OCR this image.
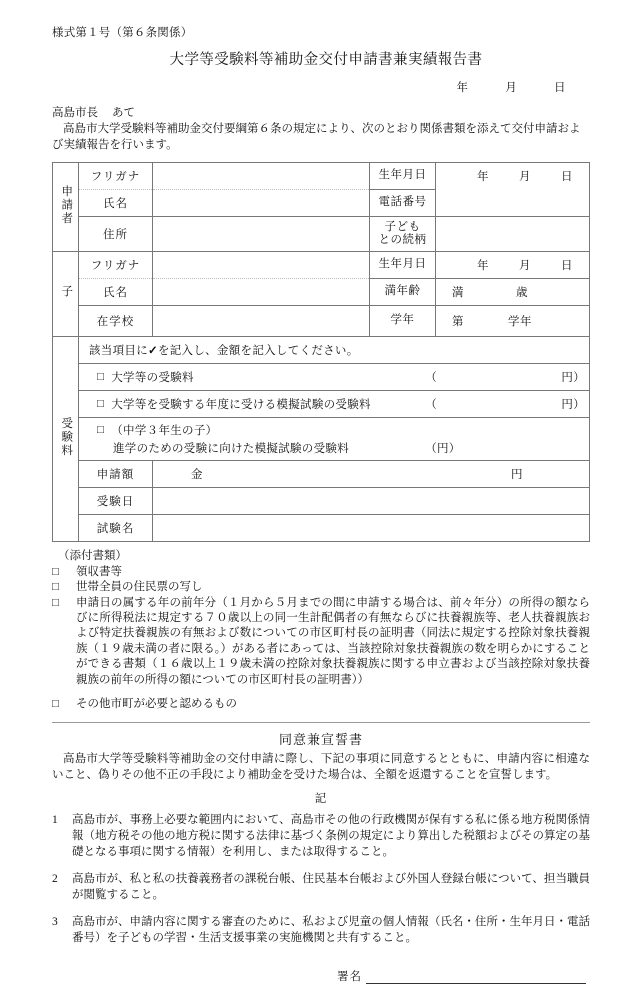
様式第１号（第６条関係）
大学等受験料等補助金交付申請書兼実績報告書
年	月	日
高島市長 あて
高島市大学受験料等補助金交付要綱第６条の規定により、次のとおり関係書類を添えて交付申請および実績報告を行います。
申請者	フリガナ		生年月日	年 月 日

	氏名		電話番号	
	住所		子ども
との続柄	

子	フリガナ		生年月日	年 月 日

	氏名		満年齢	満 歳

	在学校		学年	第 学年

受験料	該当項目に✓を記入し、金額を記入してください。			

	□ 大学等の受験料 （ 円）			

	□ 大学等を受験する年度に受ける模擬試験の受験料 （ 円）			

	□ （中学３年生の子）
進学のための受験に向けた模擬試験の受験料 （ 円）			

	申請額	金 円		

	受験日			
	試験名			
（添付書類）
□	領収書等
□	世帯全員の住民票の写し
□	申請日の属する年の前年分（１月から５月までの間に申請する場合は、前々年分）の所得の額ならびに所得税法に規定する７０歳以上の同一生計配偶者の有無ならびに扶養親族等、老人扶養親族および特定扶養親族の有無および数についての市区町村長の証明書（同法に規定する控除対象扶養親族（１９歳未満の者に限る。）がある者にあっては、当該控除対象扶養親族の数を明らかにすることができる書類（１６歳以上１９歳未満の控除対象扶養親族に関する申立書および当該控除対象扶養親族の前年の所得の額についての市区町村長の証明書））
□	その他市町が必要と認めるもの
同意兼宣誓書
高島市大学等受験料等補助金の交付申請に際し、下記の事項に同意するとともに、申請内容に相違ないこと、偽りその他不正の手段により補助金を受けた場合は、全額を返還することを宣誓します。
記
1	高島市が、事務上必要な範囲内において、高島市その他の行政機関が保有する私に係る地方税関係情報（地方税その他の地方税に関する法律に基づく条例の規定により算出した税額およびその算定の基礎となる事項に関する情報）を利用し、または取得すること。
2	高島市が、私と私の扶養義務者の課税台帳、住民基本台帳および外国人登録台帳について、担当職員が閲覧すること。
3	高島市が、申請内容に関する審査のために、私および児童の個人情報（氏名・住所・生年月日・電話番号）を子どもの学習・生活支援事業の実施機関と共有すること。
署名
